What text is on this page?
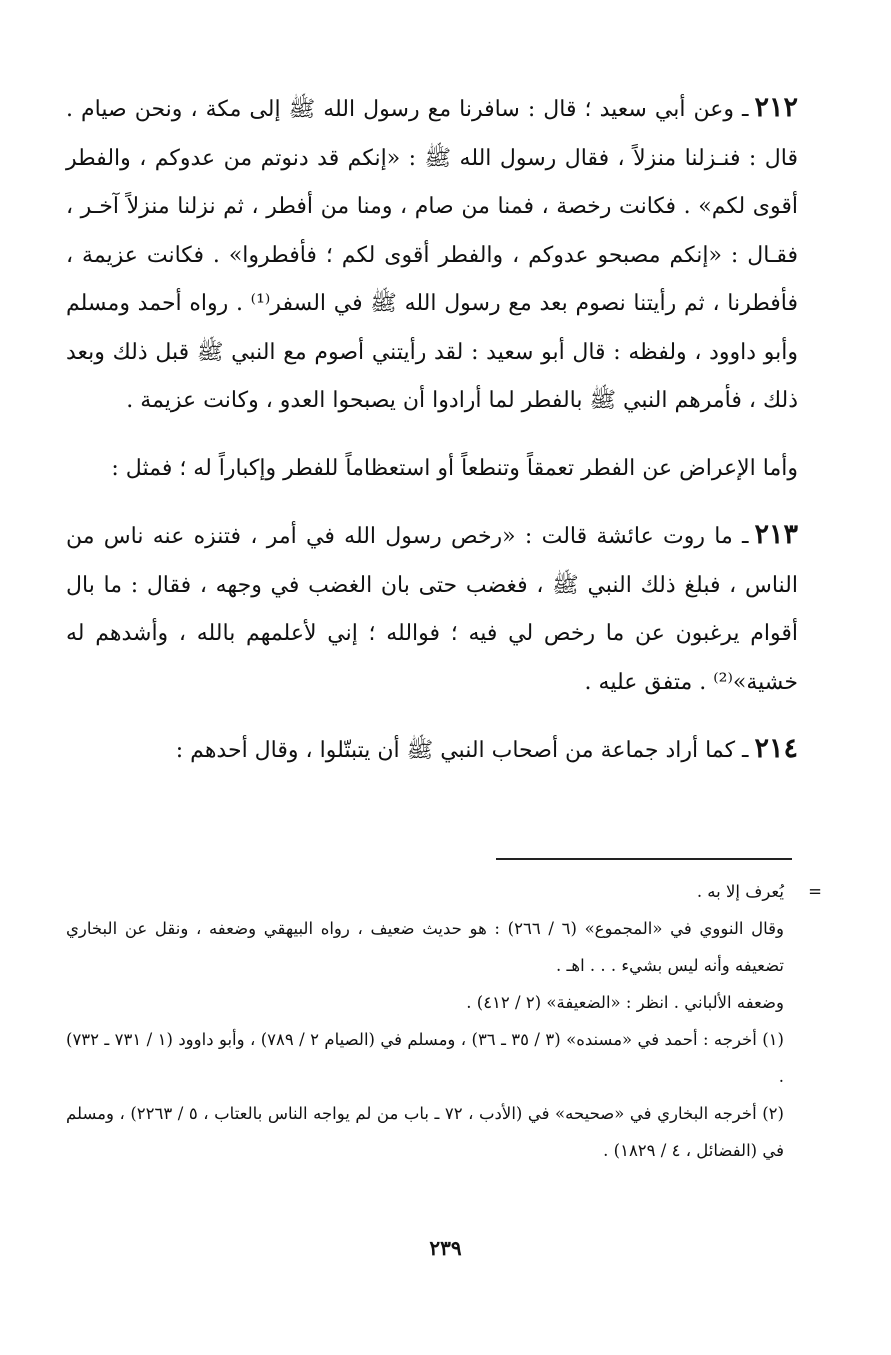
٢١٢ـ وعن أبي سعيد ؛ قال : سافرنا مع رسول الله ﷺ إلى مكة ، ونحن صيام . قال : فنـزلنا منزلاً ، فقال رسول الله ﷺ : «إنكم قد دنوتم من عدوكم ، والفطر أقوى لكم» . فكانت رخصة ، فمنا من صام ، ومنا من أفطر ، ثم نزلنا منزلاً آخـر ، فقـال : «إنكم مصبحو عدوكم ، والفطر أقوى لكم ؛ فأفطروا» . فكانت عزيمة ، فأفطرنا ، ثم رأيتنا نصوم بعد مع رسول الله ﷺ في السفر⁽¹⁾ . رواه أحمد ومسلم وأبو داوود ، ولفظه : قال أبو سعيد : لقد رأيتني أصوم مع النبي ﷺ قبل ذلك وبعد ذلك ، فأمرهم النبي ﷺ بالفطر لما أرادوا أن يصبحوا العدو ، وكانت عزيمة .

وأما الإعراض عن الفطر تعمقاً وتنطعاً أو استعظاماً للفطر وإكباراً له ؛ فمثل :

٢١٣ـ ما روت عائشة قالت : «رخص رسول الله في أمر ، فتنزه عنه ناس من الناس ، فبلغ ذلك النبي ﷺ ، فغضب حتى بان الغضب في وجهه ، فقال : ما بال أقوام يرغبون عن ما رخص لي فيه ؛ فوالله ؛ إني لأعلمهم بالله ، وأشدهم له خشية»⁽²⁾ . متفق عليه .

٢١٤ـ كما أراد جماعة من أصحاب النبي ﷺ أن يتبتّلوا ، وقال أحدهم :

=
يُعرف إلا به .

وقال النووي في «المجموع» (٦ / ٢٦٦) : هو حديث ضعيف ، رواه البيهقي وضعفه ، ونقل عن البخاري تضعيفه وأنه ليس بشيء . . . اهـ .

وضعفه الألباني . انظر : «الضعيفة» (٢ / ٤١٢) .

(١) أخرجه : أحمد في «مسنده» (٣ / ٣٥ ـ ٣٦) ، ومسلم في (الصيام ٢ / ٧٨٩) ، وأبو داوود (١ / ٧٣١ ـ ٧٣٢) .

(٢) أخرجه البخاري في «صحيحه» في (الأدب ، ٧٢ ـ باب من لم يواجه الناس بالعتاب ، ٥ / ٢٢٦٣) ، ومسلم في (الفضائل ، ٤ / ١٨٢٩) .

٢٣٩
